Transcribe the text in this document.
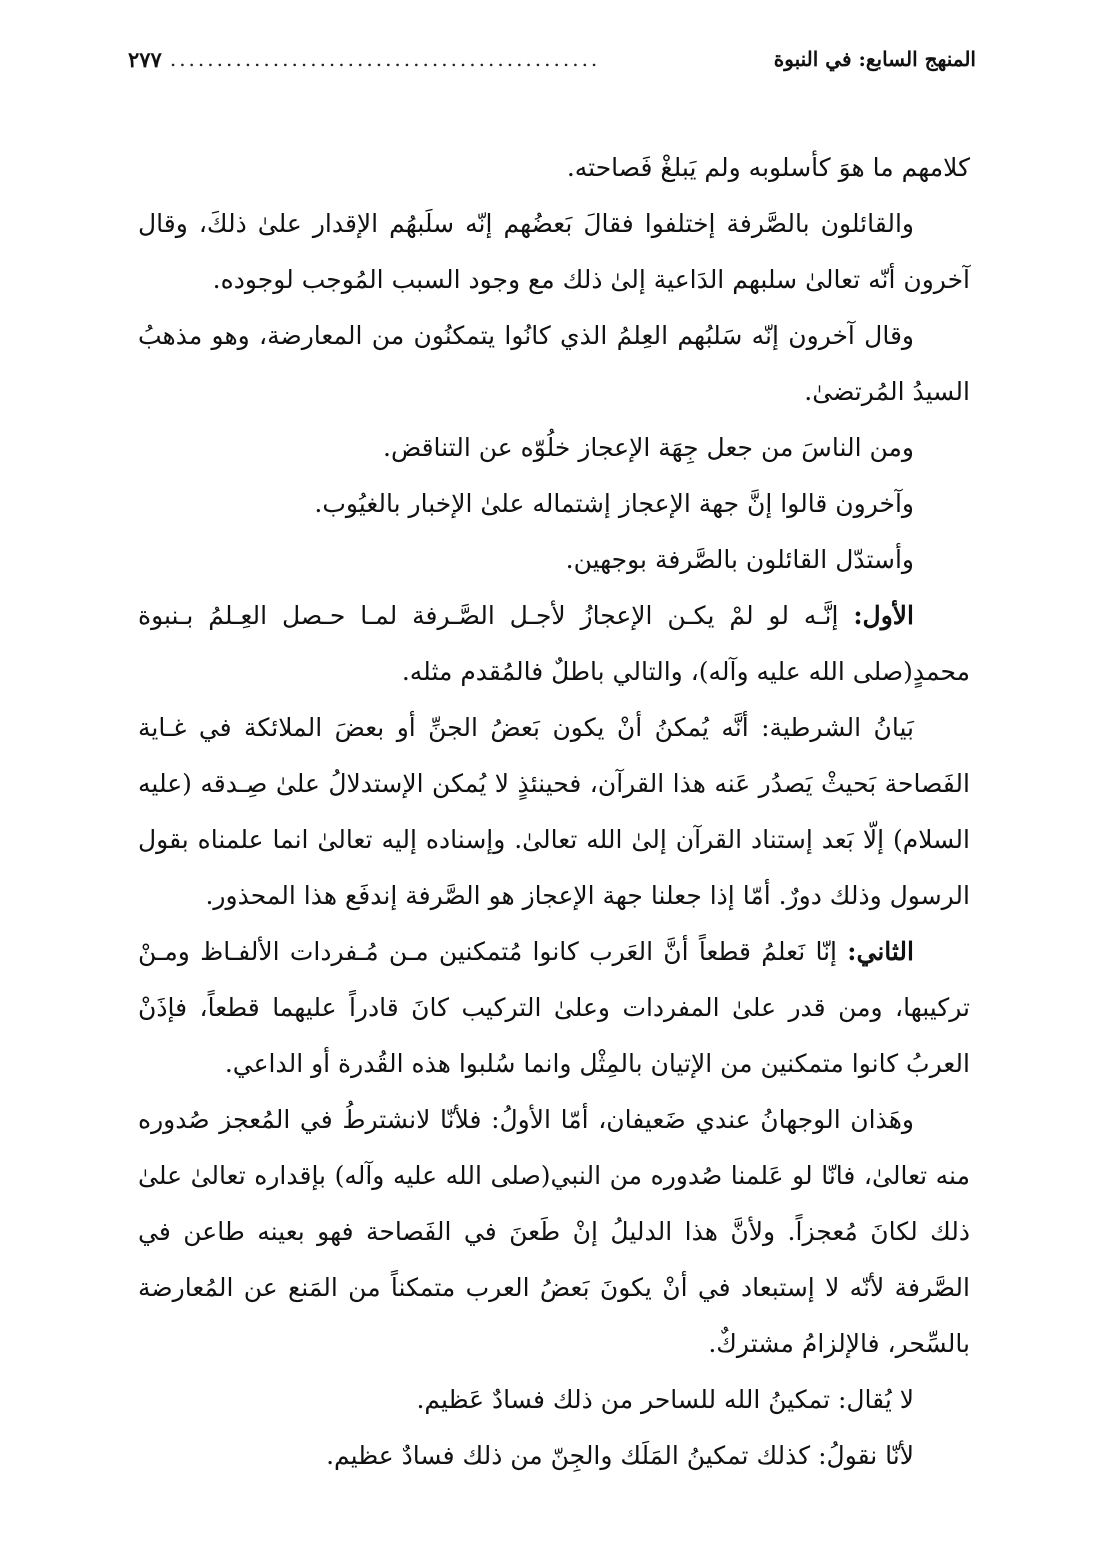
المنهج السابع: في النبوة
..............................................
٢٧٧

كلامهم ما هوَ كأسلوبه ولم يَبلغْ فَصاحته.

والقائلون بالصَّرفة إختلفوا فقالَ بَعضُهم إنّه سلَبهُم الإقدار علىٰ ذلكَ، وقال آخرون أنّه تعالىٰ سلبهم الدَاعية إلىٰ ذلك مع وجود السبب المُوجب لوجوده.

وقال آخرون إنّه سَلبُهم العِلمُ الذي كانُوا يتمكنُون من المعارضة، وهو مذهبُ السيدُ المُرتضىٰ.

ومن الناسَ من جعل جِهَة الإعجاز خلُوّه عن التناقض.

وآخرون قالوا إنَّ جهة الإعجاز إشتماله علىٰ الإخبار بالغيُوب.

وأستدّل القائلون بالصَّرفة بوجهين.

الأول: إنَّـه لو لمْ يكـن الإعجازُ لأجـل الصَّـرفة لمـا حـصل العِـلمُ بـنبوة محمدٍ(صلى الله عليه وآله)، والتالي باطلٌ فالمُقدم مثله.

بَيانُ الشرطية: أنَّه يُمكنُ أنْ يكون بَعضُ الجنِّ أو بعضَ الملائكة في غـاية الفَصاحة بَحيثْ يَصدُر عَنه هذا القرآن، فحينئذٍ لا يُمكن الإستدلالُ علىٰ صِـدقه (عليه السلام) إلّا بَعد إستناد القرآن إلىٰ الله تعالىٰ. وإسناده إليه تعالىٰ انما علمناه بقول الرسول وذلك دورٌ. أمّا إذا جعلنا جهة الإعجاز هو الصَّرفة إندفَع هذا المحذور.

الثاني: إنّا نَعلمُ قطعاً أنَّ العَرب كانوا مُتمكنين مـن مُـفردات الألفـاظ ومـنْ تركيبها، ومن قدر علىٰ المفردات وعلىٰ التركيب كانَ قادراً عليهما قطعاً، فإذَنْ العربُ كانوا متمكنين من الإتيان بالمِثْل وانما سُلبوا هذه القُدرة أو الداعي.

وهَذان الوجهانُ عندي ضَعيفان، أمّا الأولُ: فلأنّا لانشترطُ في المُعجز صُدوره منه تعالىٰ، فانّا لو عَلمنا صُدوره من النبي(صلى الله عليه وآله) بإقداره تعالىٰ علىٰ ذلك لكانَ مُعجزاً. ولأنَّ هذا الدليلُ إنْ طَعنَ في الفَصاحة فهو بعينه طاعن في الصَّرفة لأنّه لا إستبعاد في أنْ يكونَ بَعضُ العرب متمكناً من المَنع عن المُعارضة بالسِّحر، فالإلزامُ مشتركٌ.

لا يُقال: تمكينُ الله للساحر من ذلك فسادٌ عَظيم.

لأنّا نقولُ: كذلك تمكينُ المَلَك والجِنّ من ذلك فسادٌ عظيم.
